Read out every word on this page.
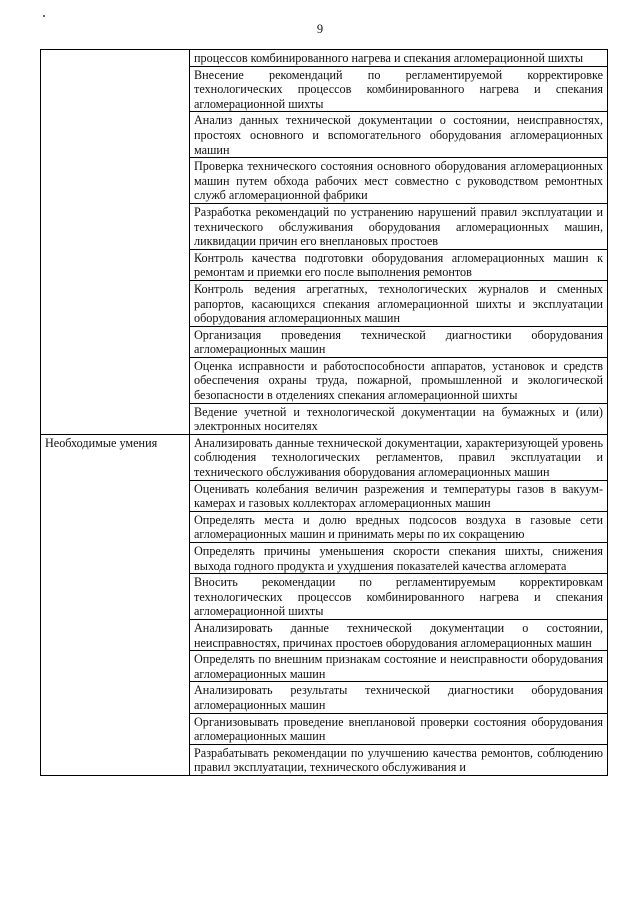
9
	процессов комбинированного нагрева и спекания агломерационной шихты
	Внесение рекомендаций по регламентируемой корректировке технологических процессов комбинированного нагрева и спекания агломерационной шихты
	Анализ данных технической документации о состоянии, неисправностях, простоях основного и вспомогательного оборудования агломерационных машин
	Проверка технического состояния основного оборудования агломерационных машин путем обхода рабочих мест совместно с руководством ремонтных служб агломерационной фабрики
	Разработка рекомендаций по устранению нарушений правил эксплуатации и технического обслуживания оборудования агломерационных машин, ликвидации причин его внеплановых простоев
	Контроль качества подготовки оборудования агломерационных машин к ремонтам и приемки его после выполнения ремонтов
	Контроль ведения агрегатных, технологических журналов и сменных рапортов, касающихся спекания агломерационной шихты и эксплуатации оборудования агломерационных машин
	Организация проведения технической диагностики оборудования агломерационных машин
	Оценка исправности и работоспособности аппаратов, установок и средств обеспечения охраны труда, пожарной, промышленной и экологической безопасности в отделениях спекания агломерационной шихты
	Ведение учетной и технологической документации на бумажных и (или) электронных носителях
Необходимые умения	Анализировать данные технической документации, характеризующей уровень соблюдения технологических регламентов, правил эксплуатации и технического обслуживания оборудования агломерационных машин
	Оценивать колебания величин разрежения и температуры газов в вакуум-камерах и газовых коллекторах агломерационных машин
	Определять места и долю вредных подсосов воздуха в газовые сети агломерационных машин и принимать меры по их сокращению
	Определять причины уменьшения скорости спекания шихты, снижения выхода годного продукта и ухудшения показателей качества агломерата
	Вносить рекомендации по регламентируемым корректировкам технологических процессов комбинированного нагрева и спекания агломерационной шихты
	Анализировать данные технической документации о состоянии, неисправностях, причинах простоев оборудования агломерационных машин
	Определять по внешним признакам состояние и неисправности оборудования агломерационных машин
	Анализировать результаты технической диагностики оборудования агломерационных машин
	Организовывать проведение внеплановой проверки состояния оборудования агломерационных машин
	Разрабатывать рекомендации по улучшению качества ремонтов, соблюдению правил эксплуатации, технического обслуживания и
